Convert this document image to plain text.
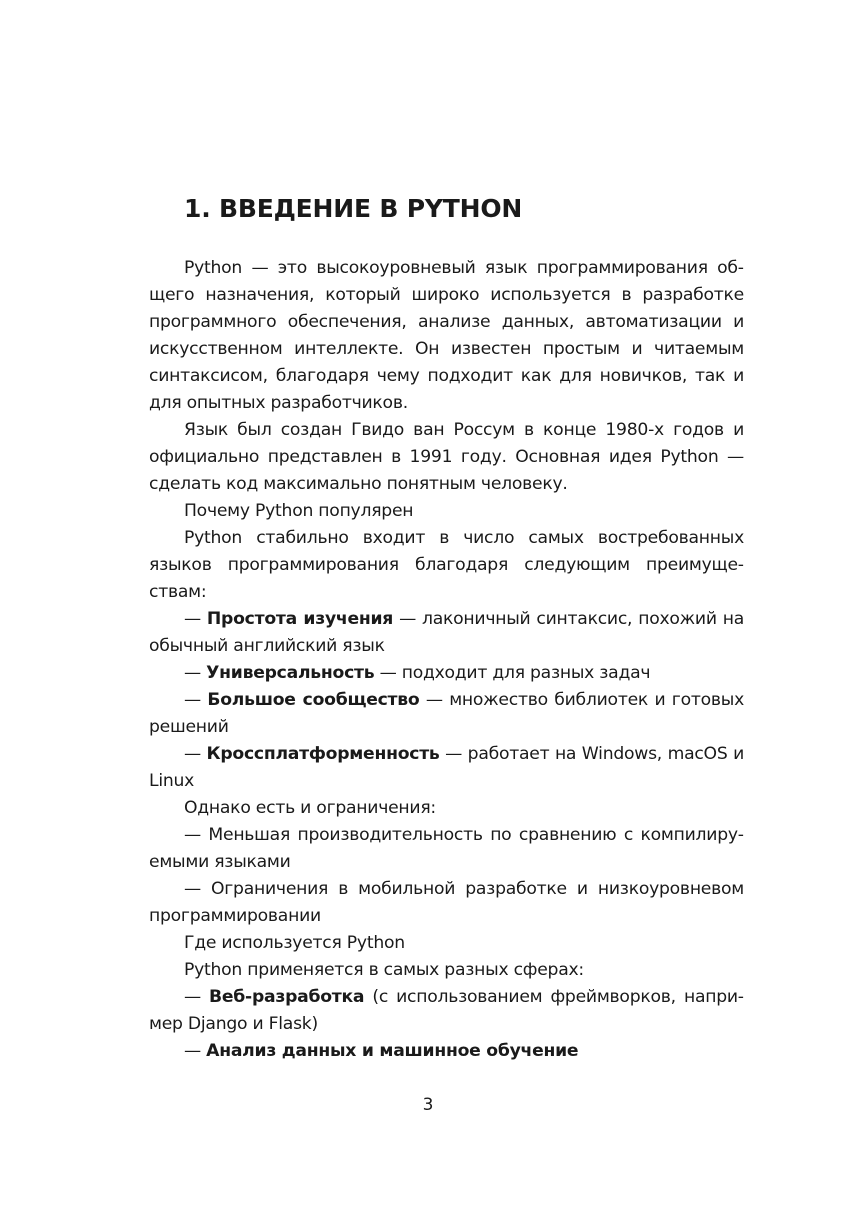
1. ВВЕДЕНИЕ В PYTHON

Python — это высокоуровневый язык программирования общего назначения, который широко используется в разработке программного обеспечения, анализе данных, автоматизации и искусственном интеллекте. Он известен простым и читаемым синтаксисом, благодаря чему подходит как для новичков, так и для опытных разработчиков.

Язык был создан Гвидо ван Россум в конце 1980-х годов и официально представлен в 1991 году. Основная идея Python — сделать код максимально понятным человеку.

Почему Python популярен

Python стабильно входит в число самых востребованных языков программирования благодаря следующим преимуществам:

— Простота изучения — лаконичный синтаксис, похожий на обычный английский язык

— Универсальность — подходит для разных задач

— Большое сообщество — множество библиотек и готовых решений

— Кроссплатформенность — работает на Windows, macOS и Linux

Однако есть и ограничения:

— Меньшая производительность по сравнению с компилируемыми языками

— Ограничения в мобильной разработке и низкоуровневом программировании

Где используется Python

Python применяется в самых разных сферах:

— Веб-разработка (с использованием фреймворков, например Django и Flask)

— Анализ данных и машинное обучение

3
